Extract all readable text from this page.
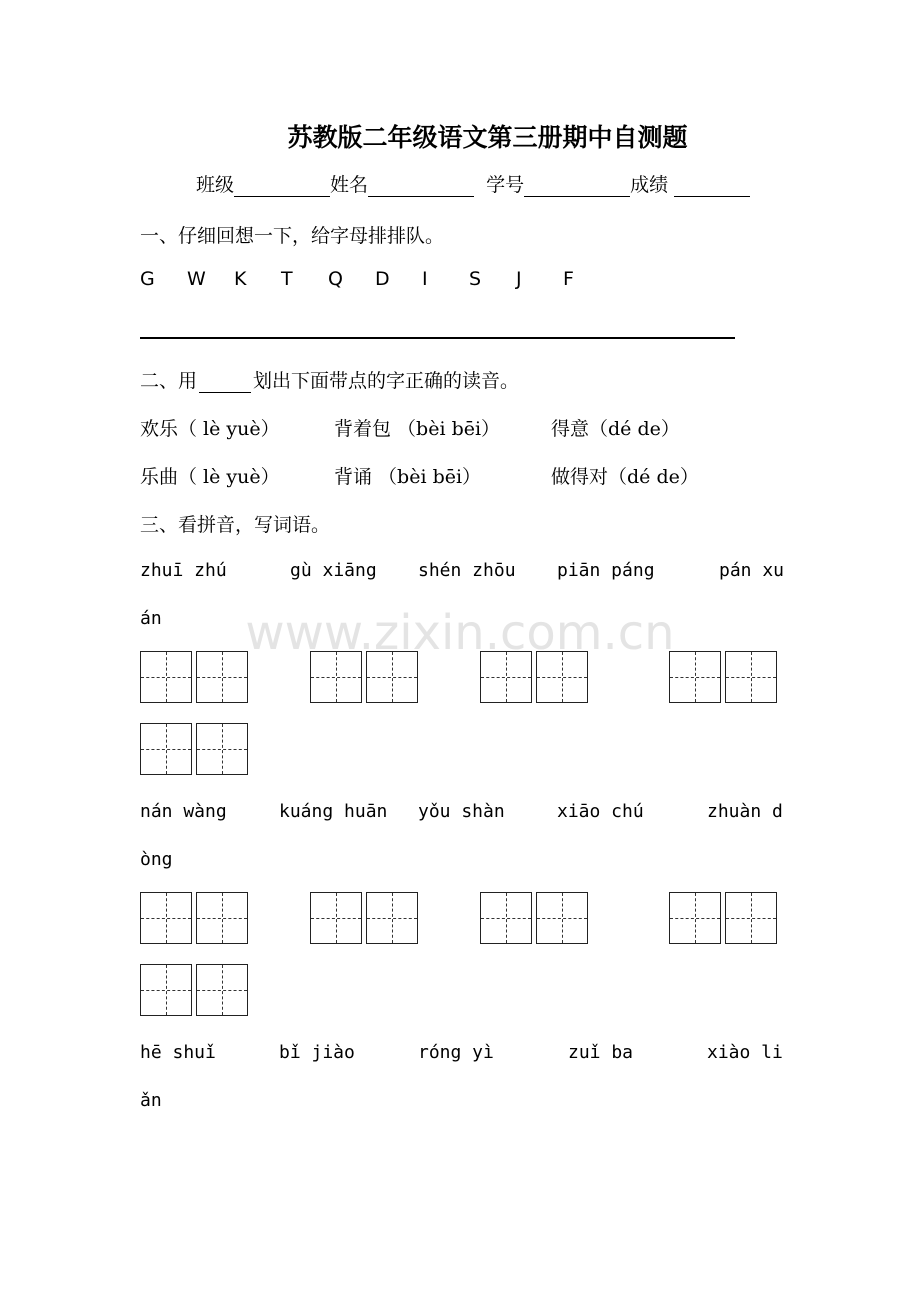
www.zixin.com.cn
苏教版二年级语文第三册期中自测题
班级	姓名	学号	成绩
一、仔细回想一下，给字母排排队。
G W K T Q D I S J F
二、用	划出下面带点的字正确的读音。
欢乐（ lè yuè）	背着包 （bèi bēi）	得意（dé de）
乐曲（ lè yuè）	背诵 （bèi bēi）	做得对（dé de）
三、看拼音，写词语。
zhuī zhú	gù xiāng shén zhōu piān páng	pán xu
án
nán wàng	kuáng huān yǒu shàn	xiāo chú	zhuàn d
òng
hē shuǐ	bǐ jiào	róng yì	zuǐ ba	xiào li
ǎn
